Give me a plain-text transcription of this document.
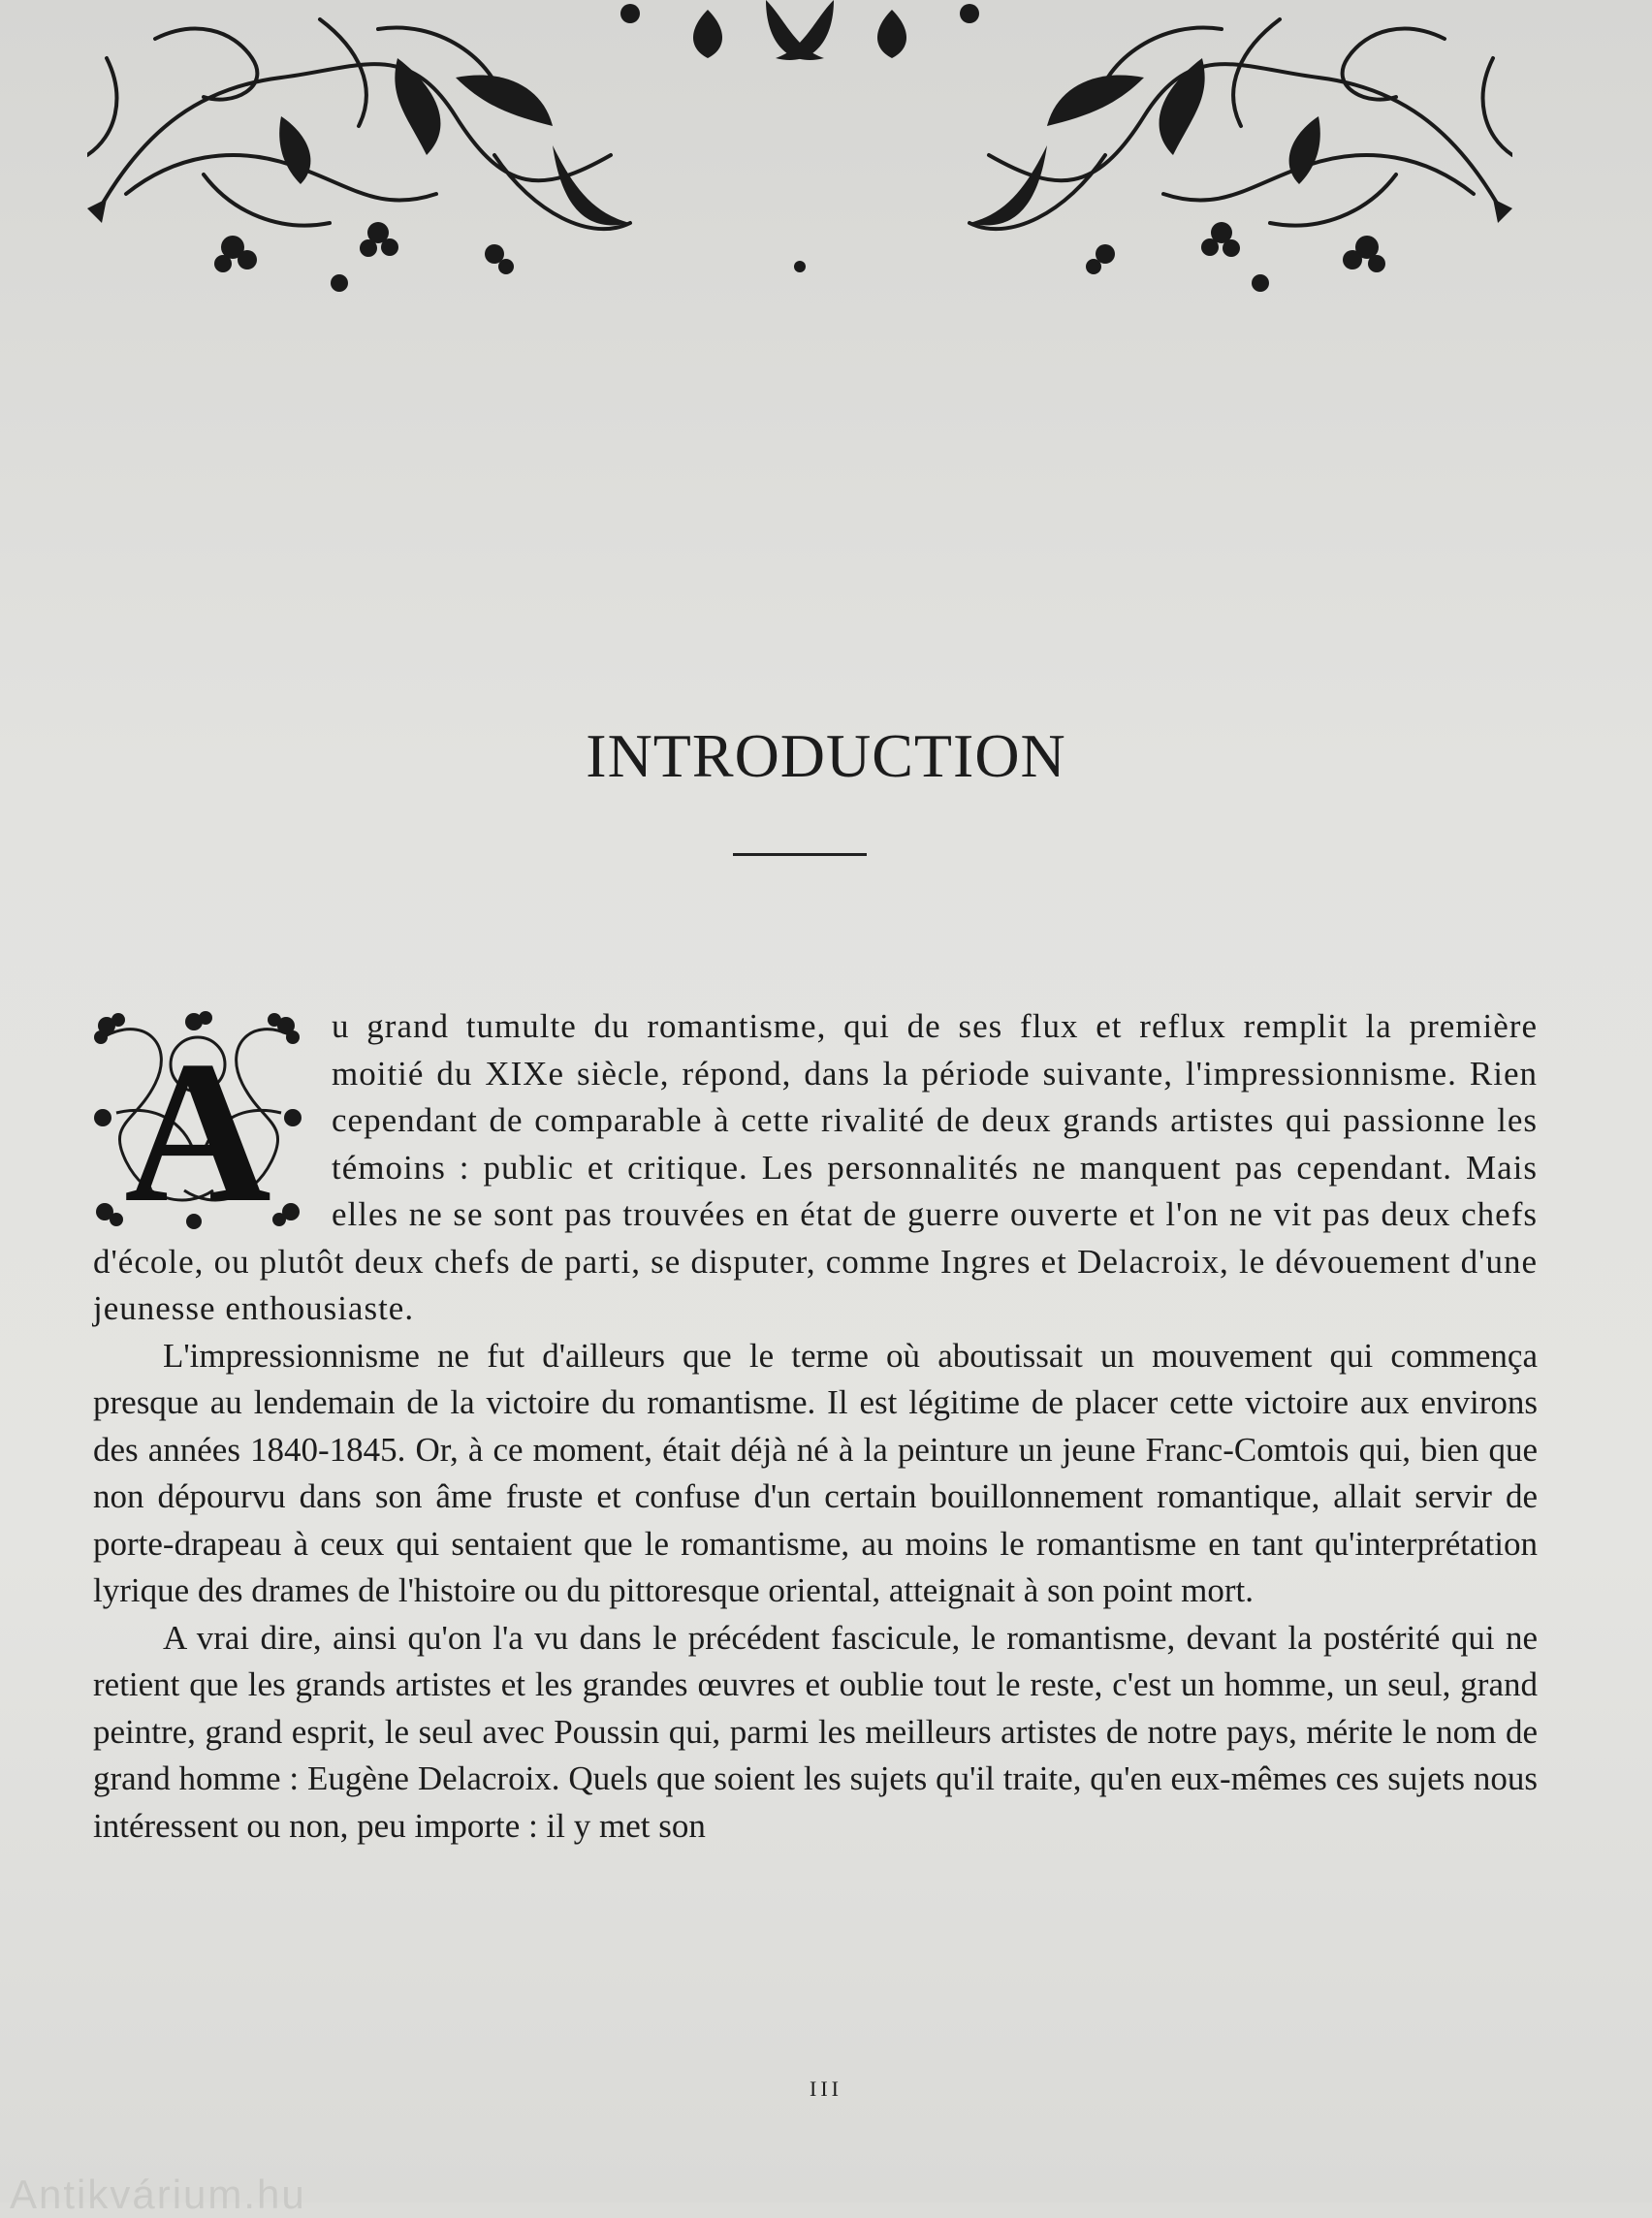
INTRODUCTION
A	u grand tumulte du romantisme, qui de ses flux et reflux remplit la première moitié du XIXe siècle, répond, dans la période suivante, l'impressionnisme. Rien cependant de comparable à cette rivalité de deux grands artistes qui passionne les témoins : public et critique. Les personnalités ne manquent pas cependant. Mais elles ne se sont pas trouvées en état de guerre ouverte et l'on ne vit pas deux chefs d'école, ou plutôt deux chefs de parti, se disputer, comme Ingres et Delacroix, le dévouement d'une jeunesse enthousiaste.

L'impressionnisme ne fut d'ailleurs que le terme où aboutissait un mouvement qui commença presque au lendemain de la victoire du romantisme. Il est légitime de placer cette victoire aux environs des années 1840-1845. Or, à ce moment, était déjà né à la peinture un jeune Franc-Comtois qui, bien que non dépourvu dans son âme fruste et confuse d'un certain bouillonnement romantique, allait servir de porte-drapeau à ceux qui sentaient que le romantisme, au moins le romantisme en tant qu'interprétation lyrique des drames de l'histoire ou du pittoresque oriental, atteignait à son point mort.

A vrai dire, ainsi qu'on l'a vu dans le précédent fascicule, le romantisme, devant la postérité qui ne retient que les grands artistes et les grandes œuvres et oublie tout le reste, c'est un homme, un seul, grand peintre, grand esprit, le seul avec Poussin qui, parmi les meilleurs artistes de notre pays, mérite le nom de grand homme : Eugène Delacroix. Quels que soient les sujets qu'il traite, qu'en eux-mêmes ces sujets nous intéressent ou non, peu importe : il y met son

III
Antikvárium.hu
